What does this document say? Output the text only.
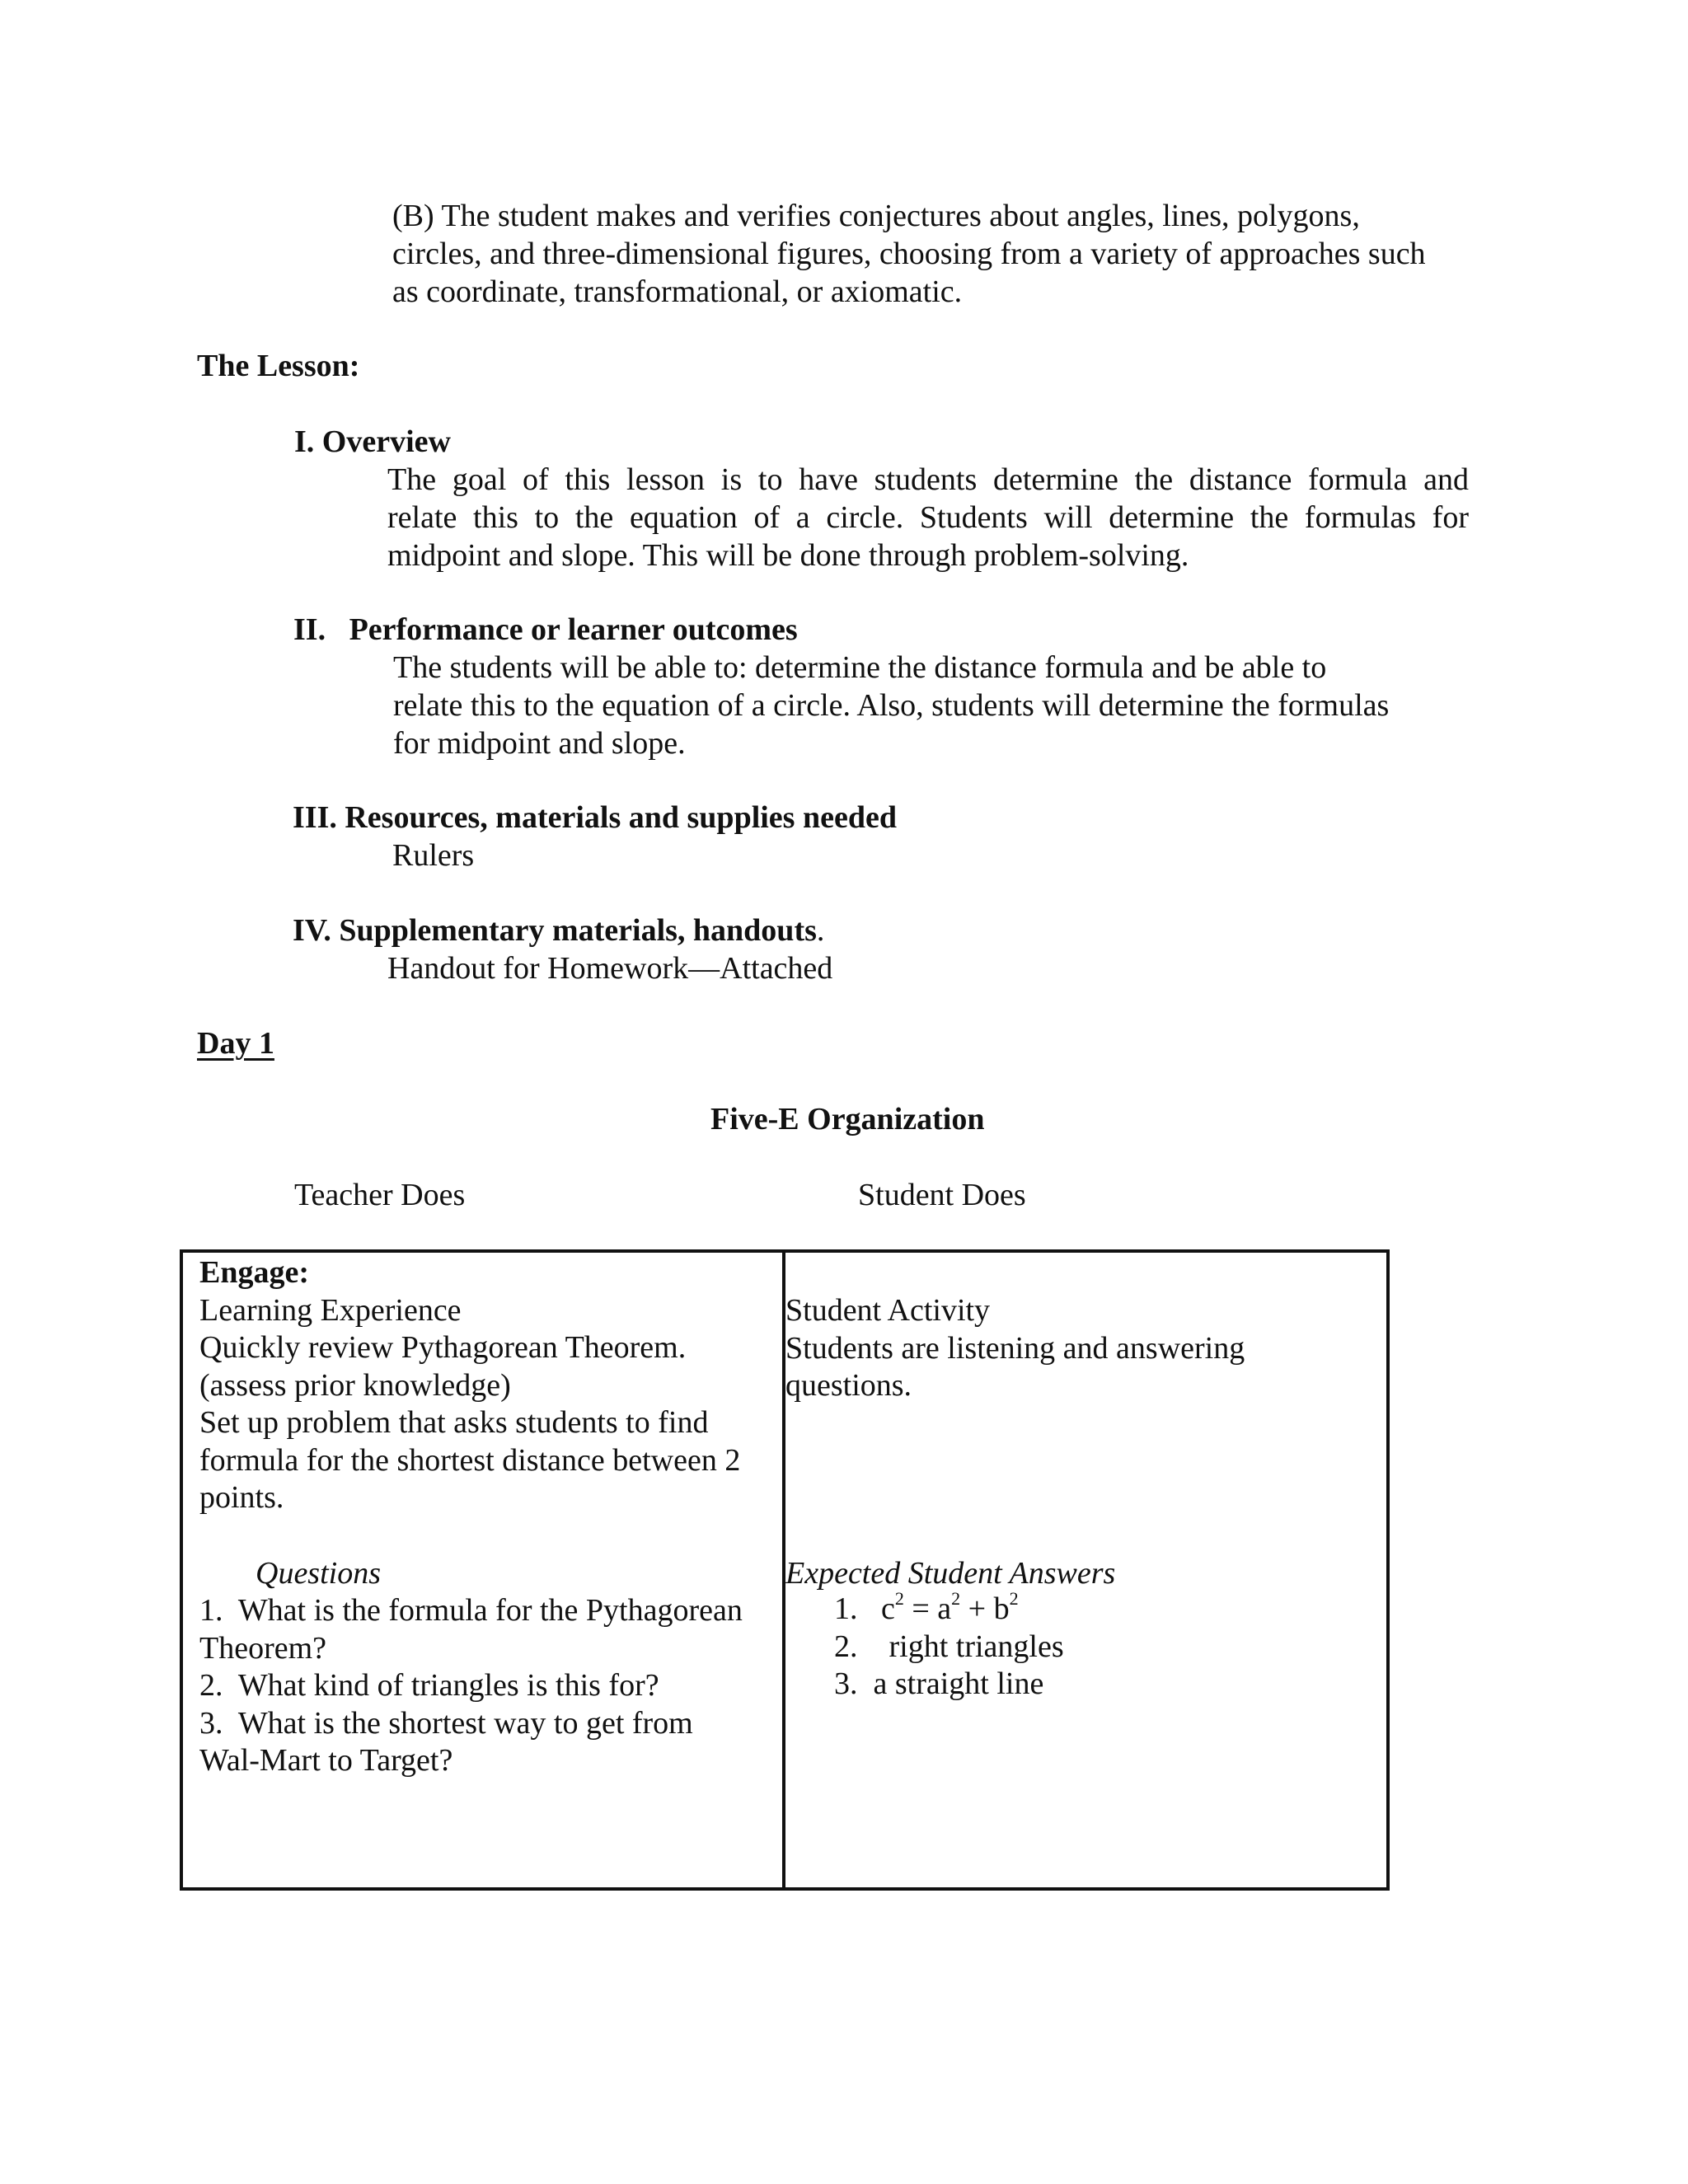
(B) The student makes and verifies conjectures about angles, lines, polygons,
circles, and three-dimensional figures, choosing from a variety of approaches such
as coordinate, transformational, or axiomatic.
The Lesson:
I. Overview
The goal of this lesson is to have students determine the distance formula and
relate this to the equation of a circle. Students will determine the formulas for
midpoint and slope. This will be done through problem-solving.
II.   Performance or learner outcomes
The students will be able to: determine the distance formula and be able to
relate this to the equation of a circle. Also, students will determine the formulas
for midpoint and slope.
III. Resources, materials and supplies needed
Rulers
IV. Supplementary materials, handouts.
Handout for Homework—Attached
Day 1
Five-E Organization
Teacher Does	Student Does
Engage:
Learning Experience
Quickly review Pythagorean Theorem.
(assess prior knowledge)
Set up problem that asks students to find
formula for the shortest distance between 2
points.
Questions
1.  What is the formula for the Pythagorean
Theorem?
2.  What kind of triangles is this for?
3.  What is the shortest way to get from
Wal-Mart to Target?
Student Activity
Students are listening and answering
questions.
Expected Student Answers
1. $c^2 = a^2 + b^2$
2. right triangles
3. a straight line
